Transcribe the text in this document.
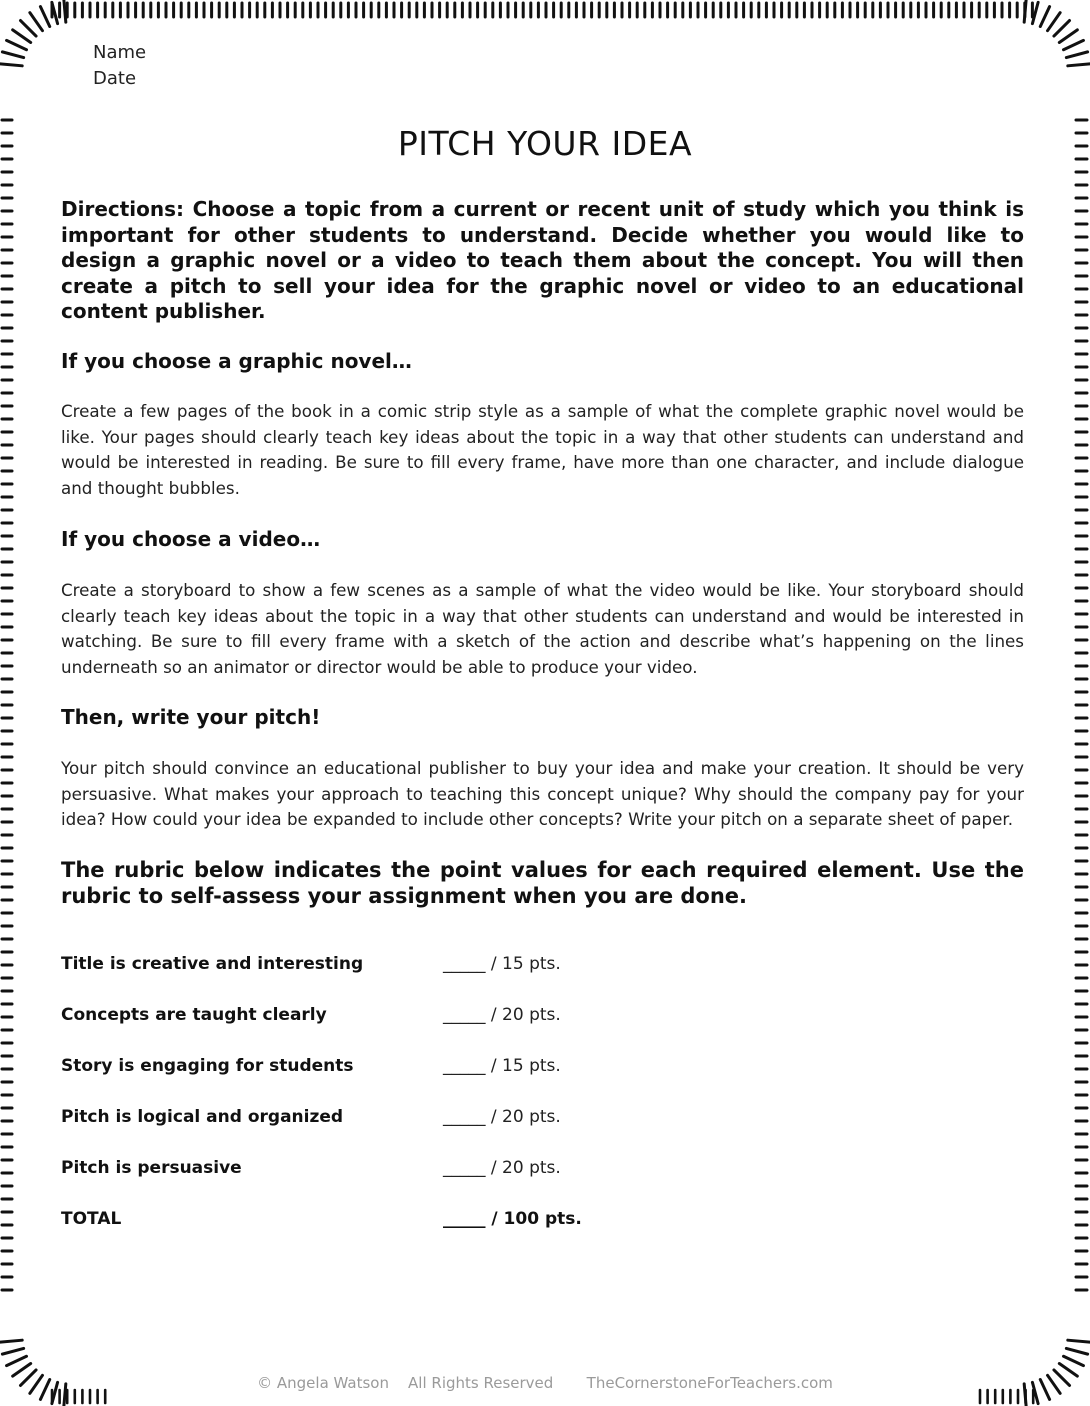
Name
Date
PITCH YOUR IDEA
Directions: Choose a topic from a current or recent unit of study which you think is important for other students to understand. Decide whether you would like to design a graphic novel or a video to teach them about the concept. You will then create a pitch to sell your idea for the graphic novel or video to an educational content publisher.
If you choose a graphic novel…
Create a few pages of the book in a comic strip style as a sample of what the complete graphic novel would be like. Your pages should clearly teach key ideas about the topic in a way that other students can understand and would be interested in reading. Be sure to fill every frame, have more than one character, and include dialogue and thought bubbles.
If you choose a video…
Create a storyboard to show a few scenes as a sample of what the video would be like. Your storyboard should clearly teach key ideas about the topic in a way that other students can understand and would be interested in watching. Be sure to fill every frame with a sketch of the action and describe what’s happening on the lines underneath so an animator or director would be able to produce your video.
Then, write your pitch!
Your pitch should convince an educational publisher to buy your idea and make your creation. It should be very persuasive. What makes your approach to teaching this concept unique? Why should the company pay for your idea? How could your idea be expanded to include other concepts? Write your pitch on a separate sheet of paper.
The rubric below indicates the point values for each required element. Use the rubric to self-assess your assignment when you are done.
Title is creative and interesting	_____ / 15 pts.
Concepts are taught clearly	_____ / 20 pts.
Story is engaging for students	_____ / 15 pts.
Pitch is logical and organized	_____ / 20 pts.
Pitch is persuasive	_____ / 20 pts.
TOTAL	_____ / 100 pts.
© Angela Watson    All Rights Reserved       TheCornerstoneForTeachers.com
